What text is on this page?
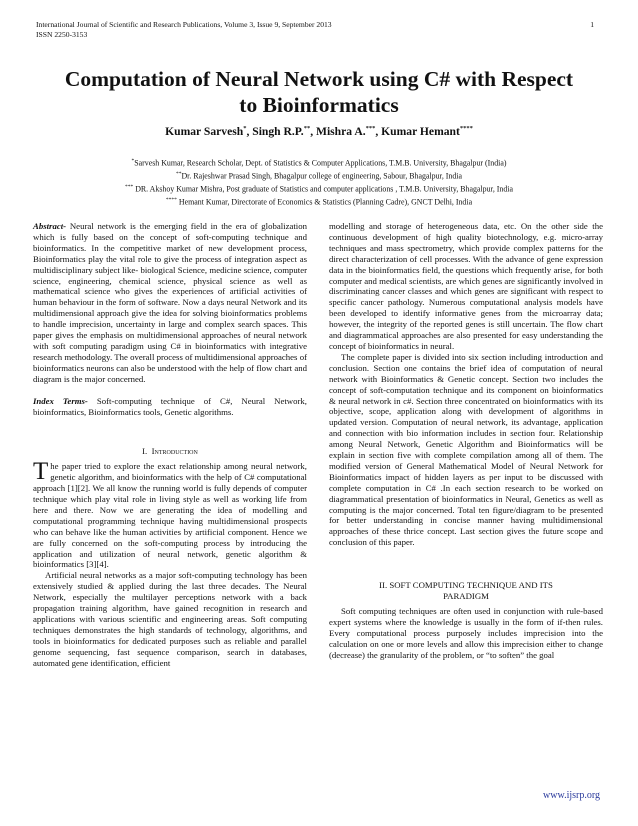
International Journal of Scientific and Research Publications, Volume 3, Issue 9, September 2013
ISSN 2250-3153
1
Computation of Neural Network using C# with Respect
to Bioinformatics
Kumar Sarvesh*, Singh R.P.**, Mishra A.***, Kumar Hemant****
*Sarvesh Kumar, Research Scholar, Dept. of Statistics & Computer Applications, T.M.B. University, Bhagalpur (India)
**Dr. Rajeshwar Prasad Singh, Bhagalpur college of engineering, Sabour, Bhagalpur, India
*** DR. Akshoy Kumar Mishra, Post graduate of Statistics and computer applications , T.M.B. University, Bhagalpur, India
**** Hemant Kumar, Directorate of Economics & Statistics (Planning Cadre), GNCT Delhi, India

Abstract- Neural network is the emerging field in the era of globalization which is fully based on the concept of soft-computing technique and bioinformatics. In the competitive market of new development process, Bioinformatics play the vital role to give the process of integration aspect as multidisciplinary subject like- biological Science, medicine science, computer science, engineering, chemical science, physical science as well as mathematical science who gives the experiences of artificial activities of human behaviour in the form of software. Now a days neural Network and its multidimensional approach give the idea for solving bioinformatics problems to handle imprecision, uncertainty in large and complex search spaces. This paper gives the emphasis on multidimensional approaches of neural network with soft computing paradigm using C# in bioinformatics with integrative research methodology. The overall process of multidimensional approaches of bioinformatics neurons can also be understood with the help of flow chart and diagram is the major concerned.

Index Terms- Soft-computing technique of C#, Neural Network, bioinformatics, Bioinformatics tools, Genetic algorithms.

I. Introduction

The paper tried to explore the exact relationship among neural network, genetic algorithm, and bioinformatics with the help of C# computational approach [1][2]. We all know the running world is fully depends of computer technique which play vital role in living style as well as working life from here and there. Now we are generating the idea of modelling and computational programming technique having multidimensional prospects who can behave like the human activities by artificial component. Hence we are fully concerned on the soft-computing process by introducing the application and utilization of neural network, genetic algorithm & bioinformatics [3][4].

Artificial neural networks as a major soft-computing technology has been extensively studied & applied during the last three decades. The Neural Network, especially the multilayer perceptions network with a back propagation training algorithm, have gained recognition in research and applications with various scientific and engineering areas. Soft computing techniques demonstrates the high standards of technology, algorithms, and tools in bioinformatics for dedicated purposes such as reliable and parallel genome sequencing, fast sequence comparison, search in databases, automated gene identification, efficient

modelling and storage of heterogeneous data, etc. On the other side the continuous development of high quality biotechnology, e.g. micro-array techniques and mass spectrometry, which provide complex patterns for the direct characterization of cell processes. With the advance of gene expression data in the bioinformatics field, the questions which frequently arise, for both computer and medical scientists, are which genes are significantly involved in discriminating cancer classes and which genes are significant with respect to specific cancer pathology. Numerous computational analysis models have been developed to identify informative genes from the microarray data; however, the integrity of the reported genes is still uncertain. The flow chart and diagrammatical approaches are also presented for easy understanding the concept of bioinformatics in neural.

The complete paper is divided into six section including introduction and conclusion. Section one contains the brief idea of computation of neural network with Bioinformatics & Genetic concept. Section two includes the concept of soft-computation technique and its component on bioinformatics & neural network in c#. Section three concentrated on bioinformatics with its objective, scope, application along with development of algorithms in updated version. Computation of neural network, its advantage, application and connection with bio information includes in section four. Relationship among Neural Network, Genetic Algorithm and Bioinformatics will be explain in section five with complete compilation among all of them. The modified version of General Mathematical Model of Neural Network for Bioinformatics impact of hidden layers as per input to be discussed with complete computation in C# .In each section research to be worked on diagrammatical presentation of bioinformatics in Neural, Genetics as well as computing is the major concerned. Total ten figure/diagram to be presented for better understanding in concise manner having multidimensional approaches of these thrice concept. Last section gives the future scope and conclusion of this paper.

II. SOFT COMPUTING TECHNIQUE AND ITS

PARADIGM

Soft computing techniques are often used in conjunction with rule-based expert systems where the knowledge is usually in the form of if-then rules. Every computational process purposely includes imprecision into the calculation on one or more levels and allow this imprecision either to change (decrease) the granularity of the problem, or “to soften” the goal

www.ijsrp.org
